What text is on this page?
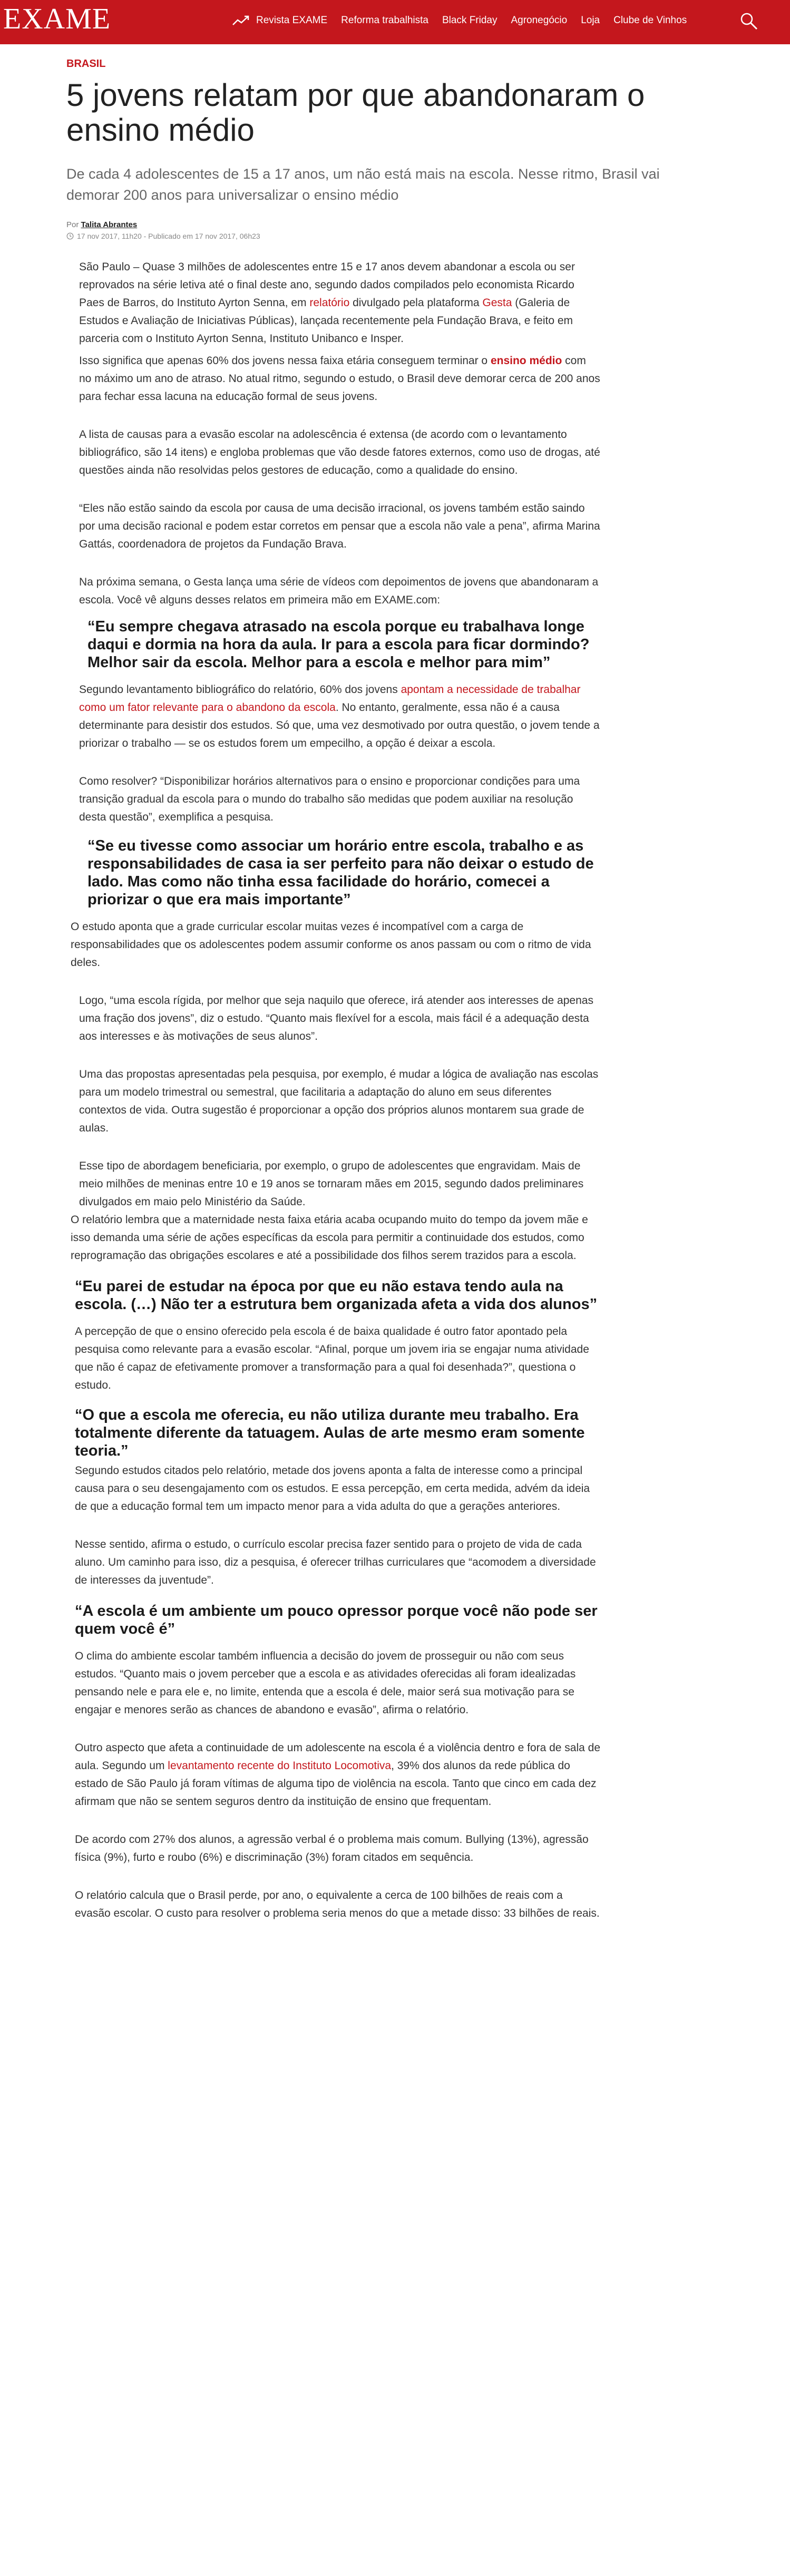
EXAME	Revista EXAME Reforma trabalhista Black Friday Agronegócio Loja Clube de Vinhos
BRASIL
5 jovens relatam por que abandonaram o ensino médio
De cada 4 adolescentes de 15 a 17 anos, um não está mais na escola. Nesse ritmo, Brasil vai demorar 200 anos para universalizar o ensino médio
Por Talita Abrantes
17 nov 2017, 11h20 - Publicado em 17 nov 2017, 06h23

São Paulo – Quase 3 milhões de adolescentes entre 15 e 17 anos devem abandonar a escola ou ser reprovados na série letiva até o final deste ano, segundo dados compilados pelo economista Ricardo Paes de Barros, do Instituto Ayrton Senna, em relatório divulgado pela plataforma Gesta (Galeria de Estudos e Avaliação de Iniciativas Públicas), lançada recentemente pela Fundação Brava, e feito em parceria com o Instituto Ayrton Senna, Instituto Unibanco e Insper.

Isso significa que apenas 60% dos jovens nessa faixa etária conseguem terminar o ensino médio com no máximo um ano de atraso. No atual ritmo, segundo o estudo, o Brasil deve demorar cerca de 200 anos para fechar essa lacuna na educação formal de seus jovens.

A lista de causas para a evasão escolar na adolescência é extensa (de acordo com o levantamento bibliográfico, são 14 itens) e engloba problemas que vão desde fatores externos, como uso de drogas, até questões ainda não resolvidas pelos gestores de educação, como a qualidade do ensino.

“Eles não estão saindo da escola por causa de uma decisão irracional, os jovens também estão saindo por uma decisão racional e podem estar corretos em pensar que a escola não vale a pena”, afirma Marina Gattás, coordenadora de projetos da Fundação Brava.

Na próxima semana, o Gesta lança uma série de vídeos com depoimentos de jovens que abandonaram a escola. Você vê alguns desses relatos em primeira mão em EXAME.com:

“Eu sempre chegava atrasado na escola porque eu trabalhava longe daqui e dormia na hora da aula. Ir para a escola para ficar dormindo? Melhor sair da escola. Melhor para a escola e melhor para mim”

Segundo levantamento bibliográfico do relatório, 60% dos jovens apontam a necessidade de trabalhar como um fator relevante para o abandono da escola. No entanto, geralmente, essa não é a causa determinante para desistir dos estudos. Só que, uma vez desmotivado por outra questão, o jovem tende a priorizar o trabalho — se os estudos forem um empecilho, a opção é deixar a escola.

Como resolver? “Disponibilizar horários alternativos para o ensino e proporcionar condições para uma transição gradual da escola para o mundo do trabalho são medidas que podem auxiliar na resolução desta questão”, exemplifica a pesquisa.

“Se eu tivesse como associar um horário entre escola, trabalho e as responsabilidades de casa ia ser perfeito para não deixar o estudo de lado. Mas como não tinha essa facilidade do horário, comecei a priorizar o que era mais importante”

O estudo aponta que a grade curricular escolar muitas vezes é incompatível com a carga de responsabilidades que os adolescentes podem assumir conforme os anos passam ou com o ritmo de vida deles.

Logo, “uma escola rígida, por melhor que seja naquilo que oferece, irá atender aos interesses de apenas uma fração dos jovens”, diz o estudo. “Quanto mais flexível for a escola, mais fácil é a adequação desta aos interesses e às motivações de seus alunos”.

Uma das propostas apresentadas pela pesquisa, por exemplo, é mudar a lógica de avaliação nas escolas para um modelo trimestral ou semestral, que facilitaria a adaptação do aluno em seus diferentes contextos de vida. Outra sugestão é proporcionar a opção dos próprios alunos montarem sua grade de aulas.

Esse tipo de abordagem beneficiaria, por exemplo, o grupo de adolescentes que engravidam. Mais de meio milhões de meninas entre 10 e 19 anos se tornaram mães em 2015, segundo dados preliminares divulgados em maio pelo Ministério da Saúde.

O relatório lembra que a maternidade nesta faixa etária acaba ocupando muito do tempo da jovem mãe e isso demanda uma série de ações específicas da escola para permitir a continuidade dos estudos, como reprogramação das obrigações escolares e até a possibilidade dos filhos serem trazidos para a escola.

“Eu parei de estudar na época por que eu não estava tendo aula na escola. (…) Não ter a estrutura bem organizada afeta a vida dos alunos”

A percepção de que o ensino oferecido pela escola é de baixa qualidade é outro fator apontado pela pesquisa como relevante para a evasão escolar. “Afinal, porque um jovem iria se engajar numa atividade que não é capaz de efetivamente promover a transformação para a qual foi desenhada?”, questiona o estudo.

“O que a escola me oferecia, eu não utiliza durante meu trabalho. Era totalmente diferente da tatuagem. Aulas de arte mesmo eram somente teoria.”

Segundo estudos citados pelo relatório, metade dos jovens aponta a falta de interesse como a principal causa para o seu desengajamento com os estudos. E essa percepção, em certa medida, advém da ideia de que a educação formal tem um impacto menor para a vida adulta do que a gerações anteriores.

Nesse sentido, afirma o estudo, o currículo escolar precisa fazer sentido para o projeto de vida de cada aluno. Um caminho para isso, diz a pesquisa, é oferecer trilhas curriculares que “acomodem a diversidade de interesses da juventude”.

“A escola é um ambiente um pouco opressor porque você não pode ser quem você é”

O clima do ambiente escolar também influencia a decisão do jovem de prosseguir ou não com seus estudos. “Quanto mais o jovem perceber que a escola e as atividades oferecidas ali foram idealizadas pensando nele e para ele e, no limite, entenda que a escola é dele, maior será sua motivação para se engajar e menores serão as chances de abandono e evasão”, afirma o relatório.

Outro aspecto que afeta a continuidade de um adolescente na escola é a violência dentro e fora de sala de aula. Segundo um levantamento recente do Instituto Locomotiva, 39% dos alunos da rede pública do estado de São Paulo já foram vítimas de alguma tipo de violência na escola. Tanto que cinco em cada dez afirmam que não se sentem seguros dentro da instituição de ensino que frequentam.

De acordo com 27% dos alunos, a agressão verbal é o problema mais comum. Bullying (13%), agressão física (9%), furto e roubo (6%) e discriminação (3%) foram citados em sequência.

O relatório calcula que o Brasil perde, por ano, o equivalente a cerca de 100 bilhões de reais com a evasão escolar. O custo para resolver o problema seria menos do que a metade disso: 33 bilhões de reais.
